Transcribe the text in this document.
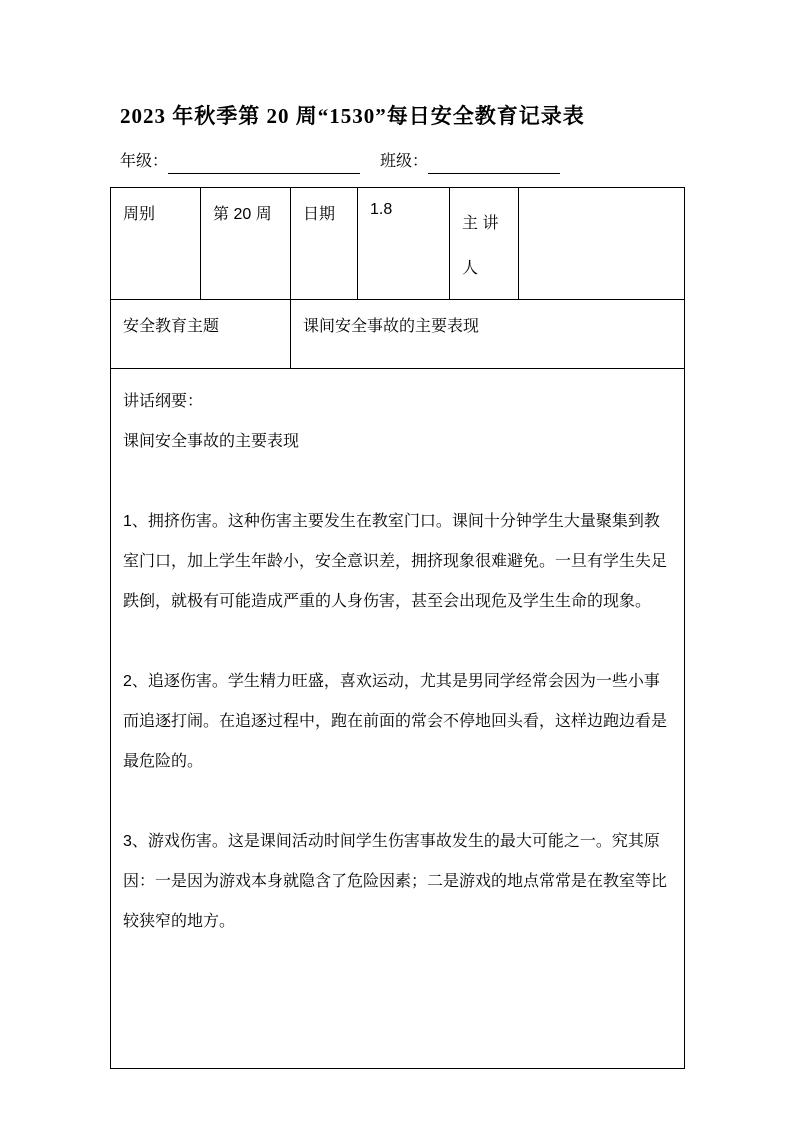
2023 年秋季第 20 周“1530”每日安全教育记录表
年级：	班级：
周别	第 20 周	日期	1.8	主 讲 人	
安全教育主题		课间安全事故的主要表现			

讲话纲要：

课间安全事故的主要表现

1、拥挤伤害。这种伤害主要发生在教室门口。课间十分钟学生大量聚集到教室门口，加上学生年龄小，安全意识差，拥挤现象很难避免。一旦有学生失足跌倒，就极有可能造成严重的人身伤害，甚至会出现危及学生生命的现象。

2、追逐伤害。学生精力旺盛，喜欢运动，尤其是男同学经常会因为一些小事而追逐打闹。在追逐过程中，跑在前面的常会不停地回头看，这样边跑边看是最危险的。

3、游戏伤害。这是课间活动时间学生伤害事故发生的最大可能之一。究其原因：一是因为游戏本身就隐含了危险因素；二是游戏的地点常常是在教室等比较狭窄的地方。					
